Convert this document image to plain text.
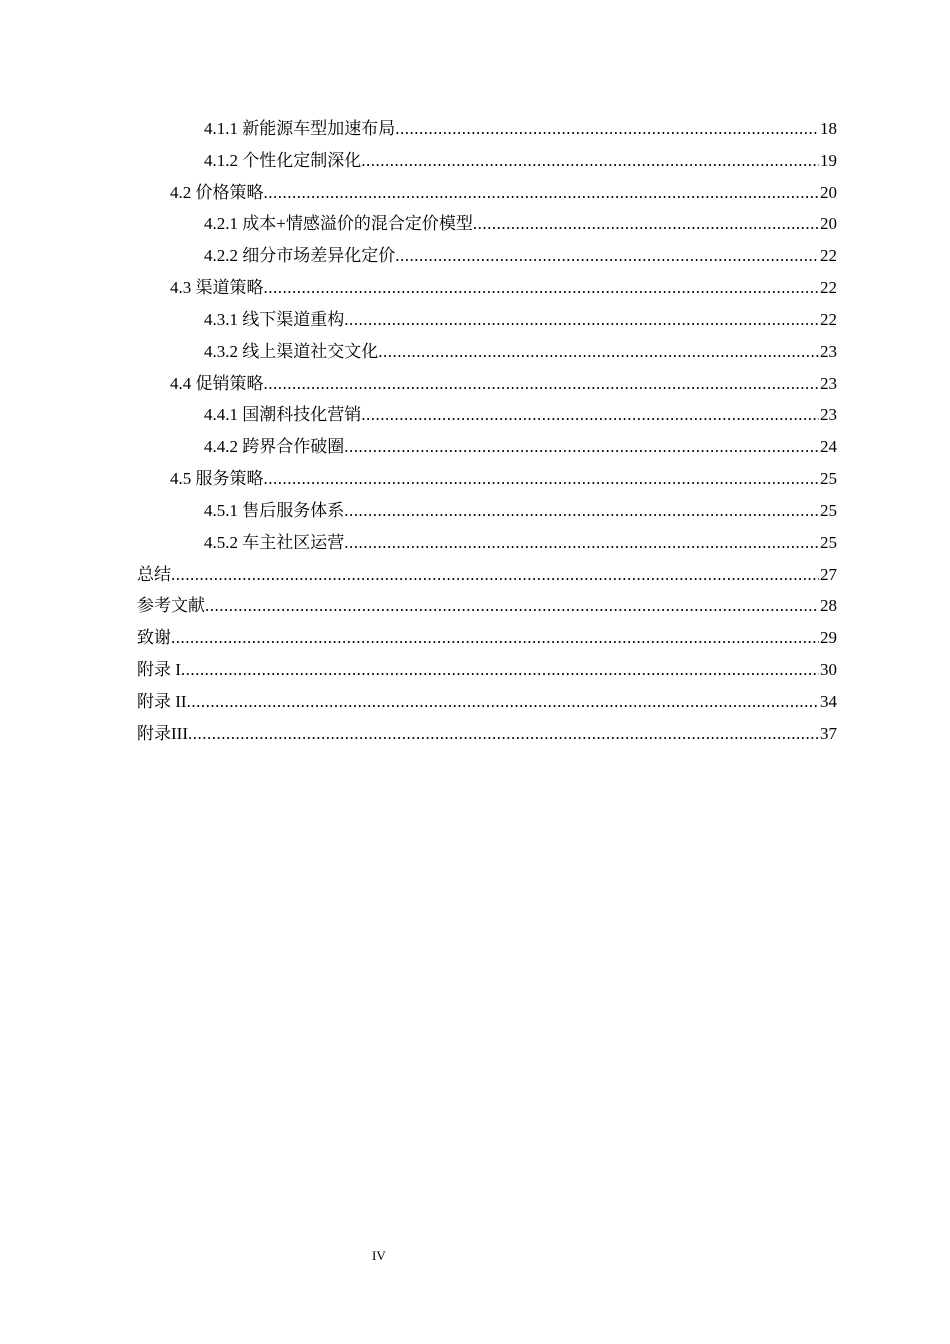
4.1.1 新能源车型加速布局 .....	18
4.1.2 个性化定制深化 .....	19
4.2 价格策略 .....	20
4.2.1 成本+情感溢价的混合定价模型 .....	20
4.2.2 细分市场差异化定价 .....	22
4.3 渠道策略 .....	22
4.3.1 线下渠道重构 .....	22
4.3.2 线上渠道社交文化 .....	23
4.4 促销策略 .....	23
4.4.1 国潮科技化营销 .....	23
4.4.2 跨界合作破圈 .....	24
4.5 服务策略 .....	25
4.5.1 售后服务体系 .....	25
4.5.2 车主社区运营 .....	25
总结 .....	27
参考文献 .....	28
致谢 .....	29
附录 I .....	30
附录 II .....	34
附录III .....	37
IV
